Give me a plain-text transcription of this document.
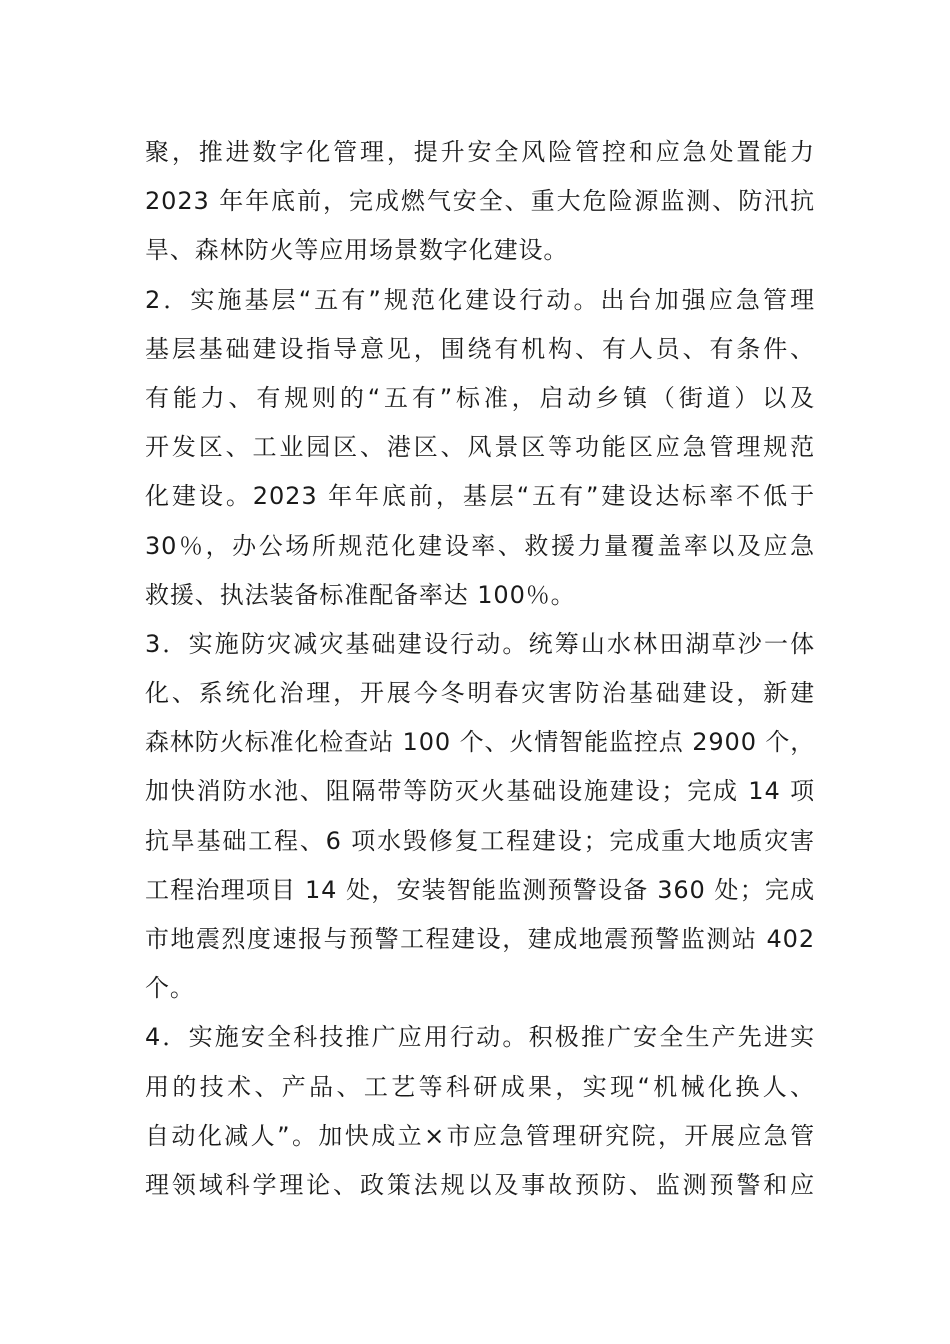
聚，推进数字化管理，提升安全风险管控和应急处置能力
2023 年年底前，完成燃气安全、重大危险源监测、防汛抗
旱、森林防火等应用场景数字化建设。
2．实施基层“五有”规范化建设行动。出台加强应急管理
基层基础建设指导意见，围绕有机构、有人员、有条件、
有能力、有规则的“五有”标准，启动乡镇（街道）以及
开发区、工业园区、港区、风景区等功能区应急管理规范
化建设。2023 年年底前，基层“五有”建设达标率不低于
30％，办公场所规范化建设率、救援力量覆盖率以及应急
救援、执法装备标准配备率达 100％。
3．实施防灾减灾基础建设行动。统筹山水林田湖草沙一体
化、系统化治理，开展今冬明春灾害防治基础建设，新建
森林防火标准化检查站 100 个、火情智能监控点 2900 个，
加快消防水池、阻隔带等防灭火基础设施建设；完成 14 项
抗旱基础工程、6 项水毁修复工程建设；完成重大地质灾害
工程治理项目 14 处，安装智能监测预警设备 360 处；完成
市地震烈度速报与预警工程建设，建成地震预警监测站 402
个。
4．实施安全科技推广应用行动。积极推广安全生产先进实
用的技术、产品、工艺等科研成果，实现“机械化换人、
自动化减人”。加快成立×市应急管理研究院，开展应急管
理领域科学理论、政策法规以及事故预防、监测预警和应
